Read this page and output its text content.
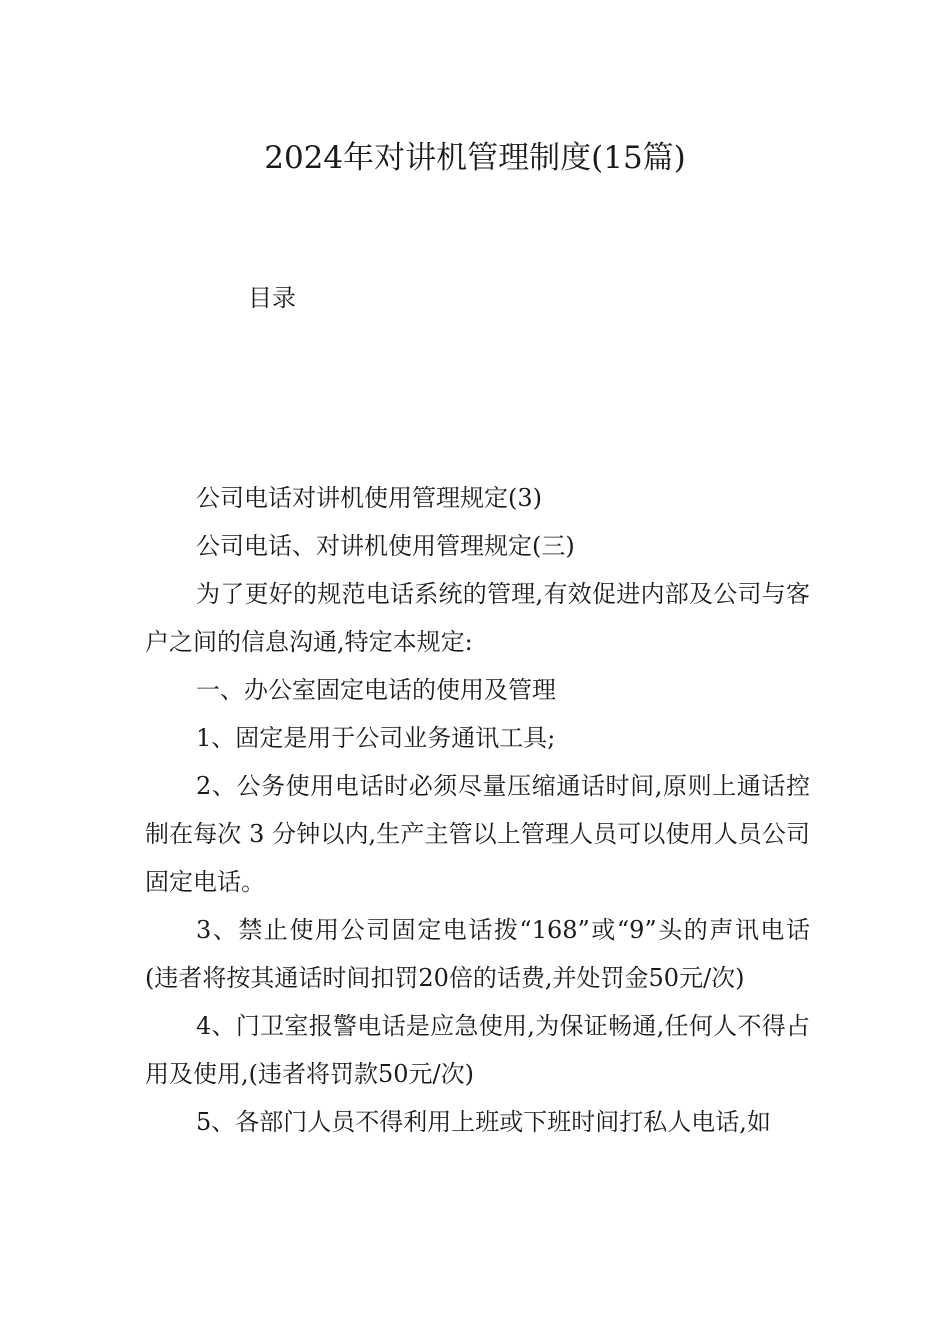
2024年对讲机管理制度(15篇)
目录

公司电话对讲机使用管理规定(3)

公司电话、对讲机使用管理规定(三)

为了更好的规范电话系统的管理,有效促进内部及公司与客户之间的信息沟通,特定本规定:

一、办公室固定电话的使用及管理

1、固定是用于公司业务通讯工具;

2、公务使用电话时必须尽量压缩通话时间,原则上通话控制在每次 3 分钟以内,生产主管以上管理人员可以使用人员公司固定电话。

3、禁止使用公司固定电话拨“168”或“9”头的声讯电话(违者将按其通话时间扣罚20倍的话费,并处罚金50元/次)

4、门卫室报警电话是应急使用,为保证畅通,任何人不得占用及使用,(违者将罚款50元/次)

5、各部门人员不得利用上班或下班时间打私人电话,如
